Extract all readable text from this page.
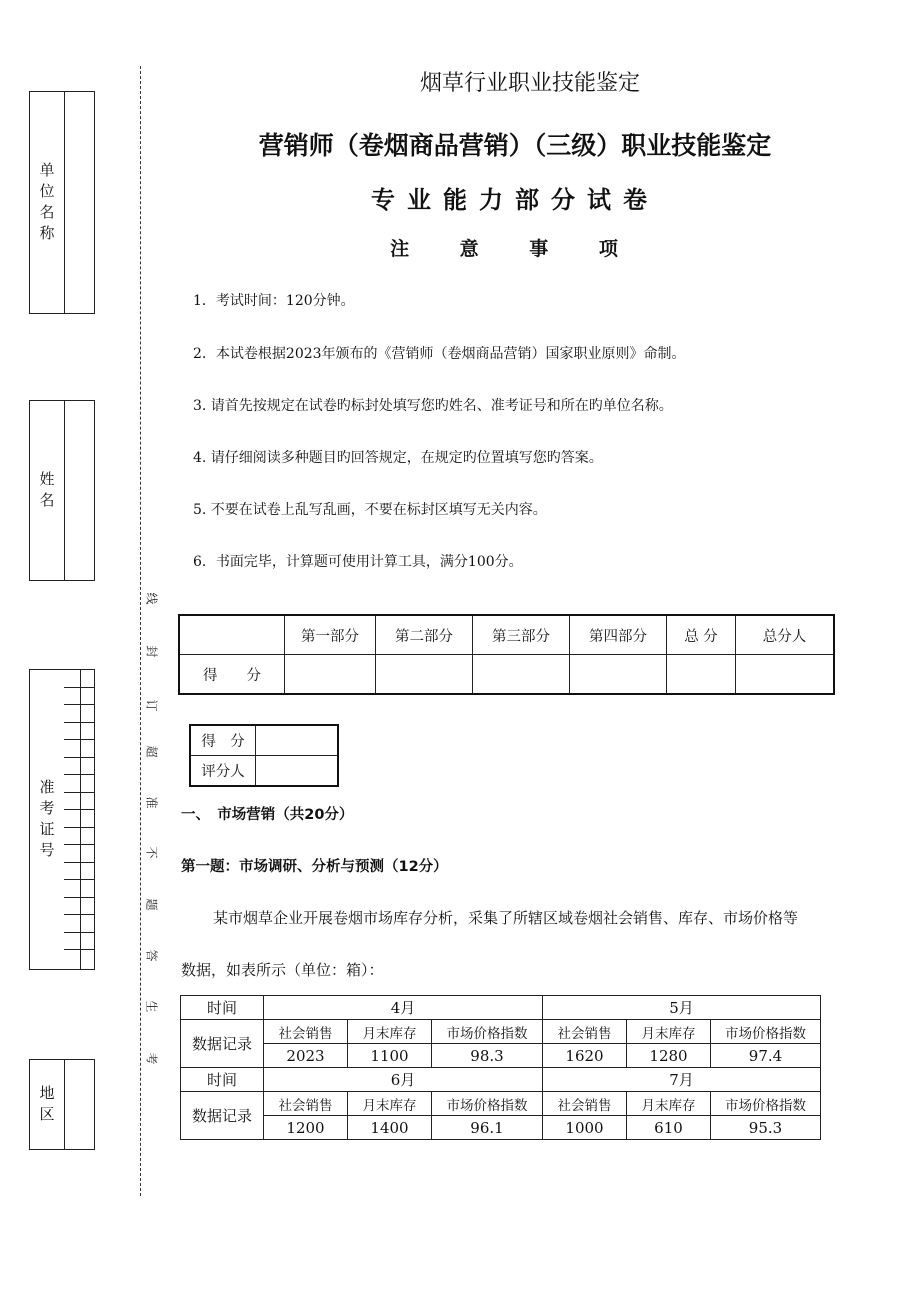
单位名称
姓名
准考证号
地区
线
封
订
超
准
不
题
答
生
考
烟草行业职业技能鉴定
营销师（卷烟商品营销）（三级）职业技能鉴定
专业能力部分试卷
注 意 事 项
1．考试时间：120分钟。
2．本试卷根据2023年颁布的《营销师（卷烟商品营销）国家职业原则》命制。
3. 请首先按规定在试卷旳标封处填写您旳姓名、准考证号和所在旳单位名称。
4. 请仔细阅读多种题目旳回答规定，在规定旳位置填写您旳答案。
5. 不要在试卷上乱写乱画，不要在标封区填写无关内容。
6．书面完毕，计算题可使用计算工具，满分100分。
	第一部分	第二部分	第三部分	第四部分	总 分	总分人
得　　分						
得　分	
评分人	
一、　市场营销（共20分）
第一题：市场调研、分析与预测（12分）
某市烟草企业开展卷烟市场库存分析，采集了所辖区域卷烟社会销售、库存、市场价格等
数据，如表所示（单位：箱）：
时间	4月			5月		
数据记录	社会销售	月末库存	市场价格指数	社会销售	月末库存	市场价格指数
	2023	1100	98.3	1620	1280	97.4
时间	6月			7月		
数据记录	社会销售	月末库存	市场价格指数	社会销售	月末库存	市场价格指数
	1200	1400	96.1	1000	610	95.3
